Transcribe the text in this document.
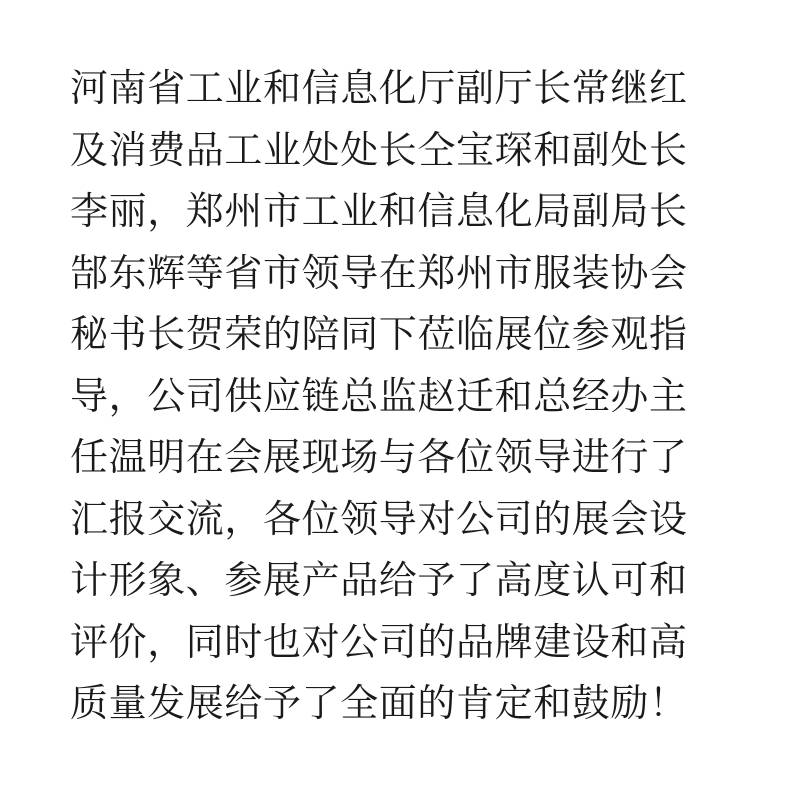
河南省工业和信息化厅副厅长常继红
及消费品工业处处长仝宝琛和副处长
李丽，郑州市工业和信息化局副局长
郜东辉等省市领导在郑州市服装协会
秘书长贺荣的陪同下莅临展位参观指
导，公司供应链总监赵迁和总经办主
任温明在会展现场与各位领导进行了
汇报交流，各位领导对公司的展会设
计形象、参展产品给予了高度认可和
评价，同时也对公司的品牌建设和高
质量发展给予了全面的肯定和鼓励！
